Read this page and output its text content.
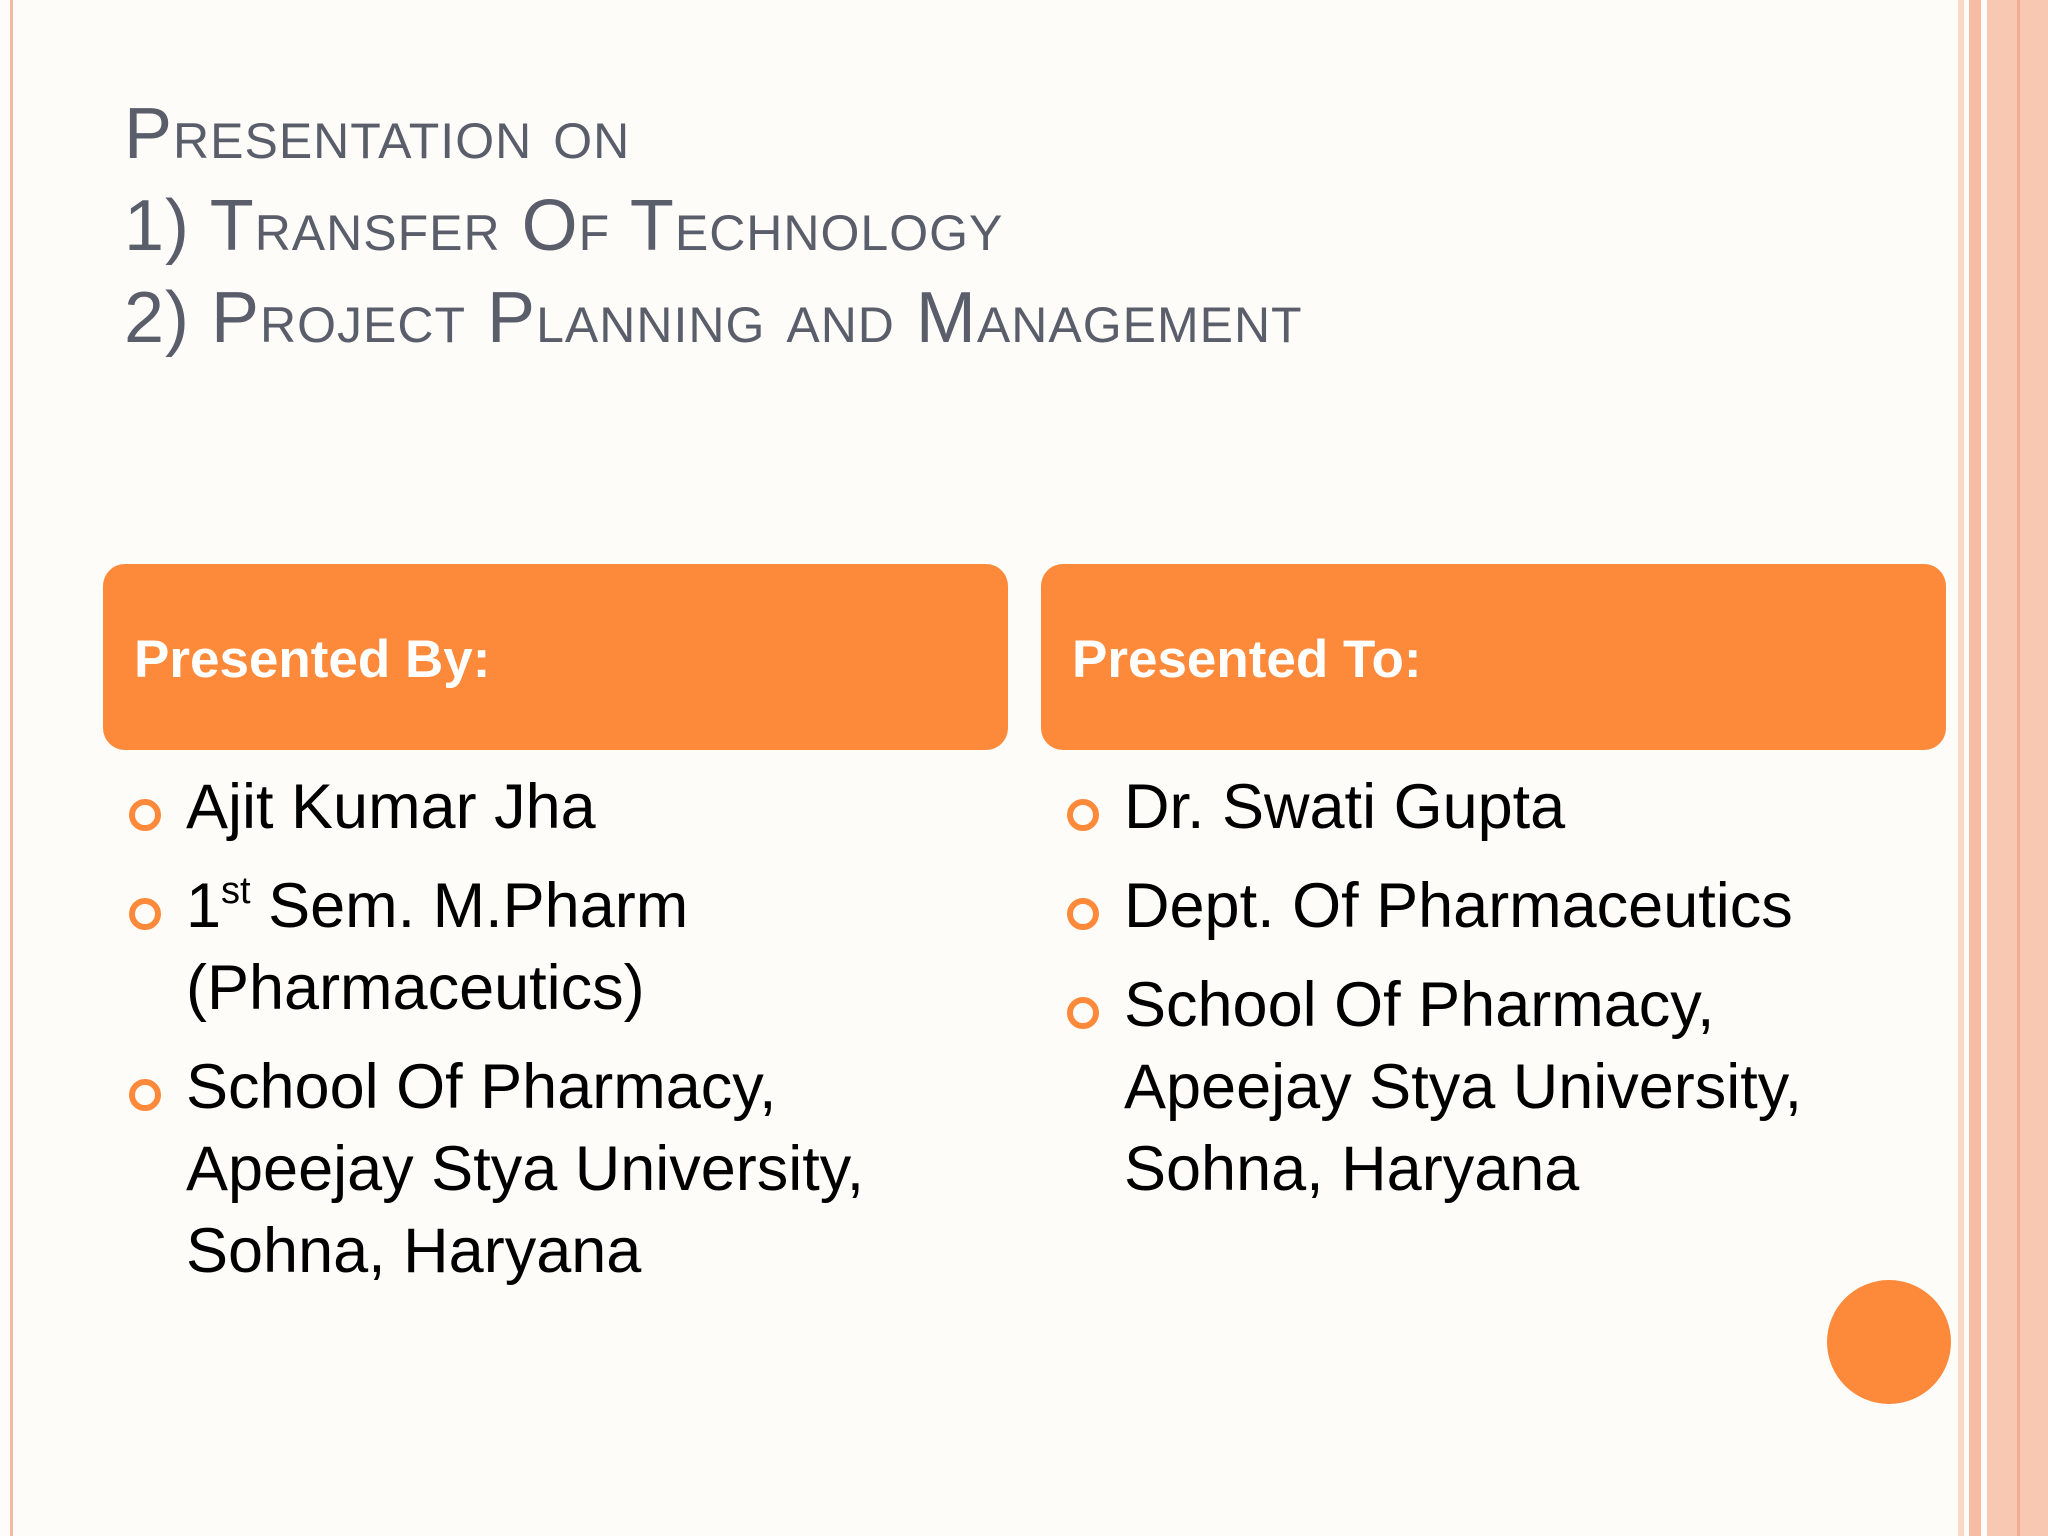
Presentation on
1) Transfer Of Technology
2) Project Planning and Management
Presented By:	Presented To:
Ajit Kumar Jha
1st Sem. M.Pharm
(Pharmaceutics)
School Of Pharmacy,
Apeejay Stya University,
Sohna, Haryana
Dr. Swati Gupta
Dept. Of Pharmaceutics
School Of Pharmacy,
Apeejay Stya University,
Sohna, Haryana
